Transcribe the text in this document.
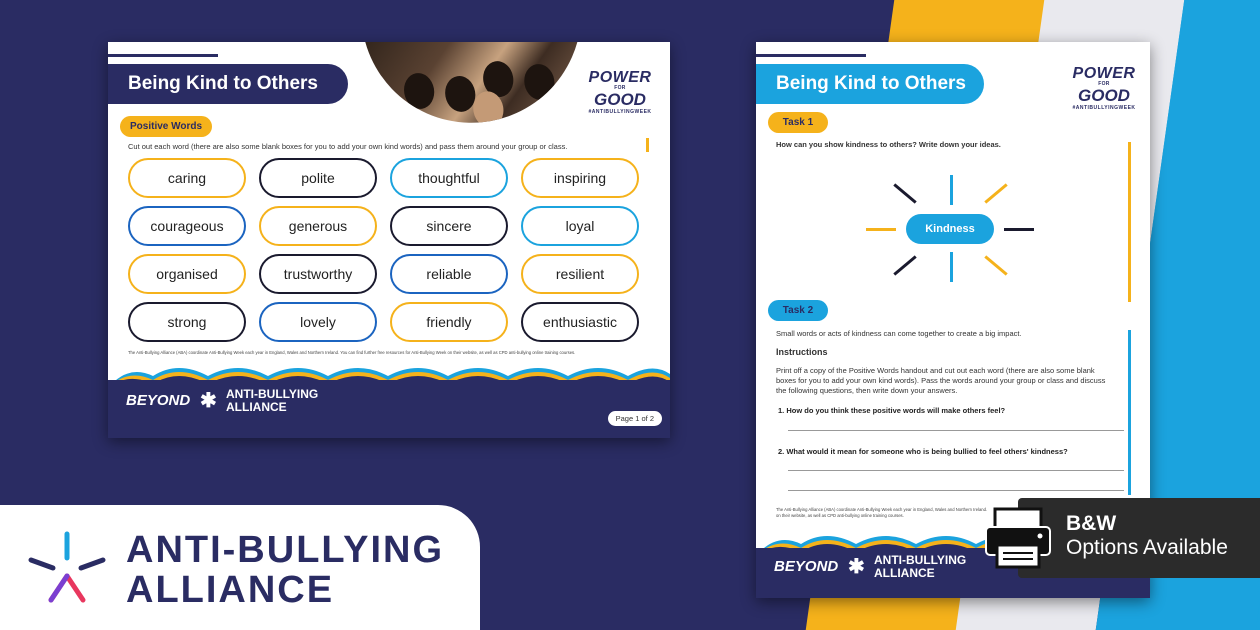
Being Kind to Others	POWER
FOR
GOOD
#ANTIBULLYINGWEEK
Positive Words
Cut out each word (there are also some blank boxes for you to add your own kind words) and pass them around your group or class.
caring	polite	thoughtful	inspiring
courageous	generous	sincere	loyal
organised	trustworthy	reliable	resilient
strong	lovely	friendly	enthusiastic
The Anti-Bullying Alliance (ABA) coordinate Anti-Bullying Week each year in England, Wales and Northern Ireland. You can find further free resources for Anti-Bullying Week on their website, as well as CPD anti-bullying online training courses.
BEYOND ✱ ANTI-BULLYING
ALLIANCE
Page 1 of 2
Being Kind to Others	POWER
FOR
GOOD
#ANTIBULLYINGWEEK
Task 1
How can you show kindness to others? Write down your ideas.
Kindness
Task 2
Small words or acts of kindness can come together to create a big impact.
Instructions
Print off a copy of the Positive Words handout and cut out each word (there are also some blank
boxes for you to add your own kind words). Pass the words around your group or class and discuss
the following questions, then write down your answers.
1. How do you think these positive words will make others feel?
2. What would it mean for someone who is being bullied to feel others' kindness?
The Anti-Bullying Alliance (ABA) coordinate Anti-Bullying Week each year in England, Wales and Northern Ireland.
on their website, as well as CPD anti-bullying online training courses.
BEYOND ✱ ANTI-BULLYING
ALLIANCE
ANTI-BULLYING
ALLIANCE
B&W
Options Available
